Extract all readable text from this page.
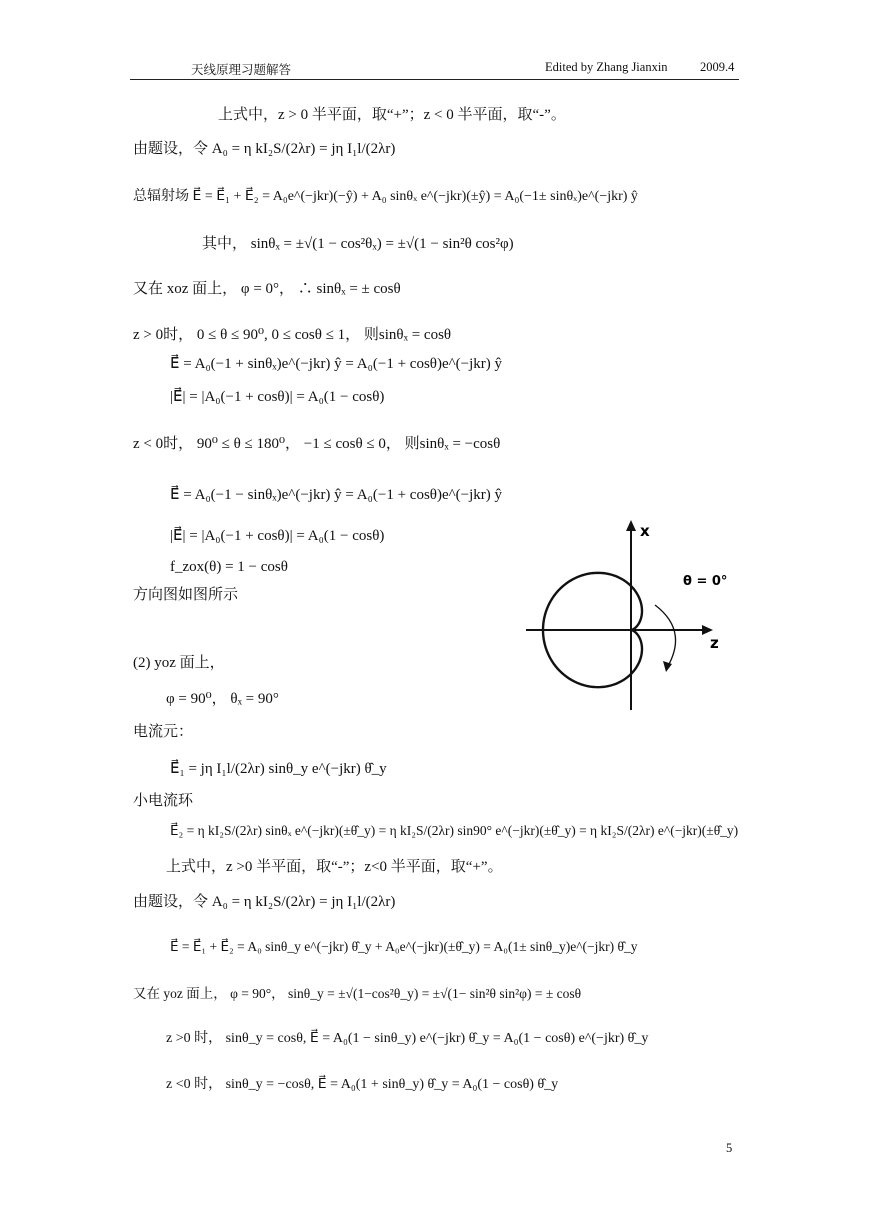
天线原理习题解答	Edited by Zhang Jianxin	2009.4
上式中，z > 0 半平面，取“+”；z < 0 半平面，取“-”。
由题设，令 A₀ = η kI₂S/(2λr) = jη I₁l/(2λr)
总辐射场 E⃗ = E⃗₁ + E⃗₂ = A₀e^(−jkr)(−ŷ) + A₀ sinθₓ e^(−jkr)(±ŷ) = A₀(−1± sinθₓ)e^(−jkr) ŷ
其中， sinθₓ = ±√(1 − cos²θₓ) = ±√(1 − sin²θ cos²φ)
又在 xoz 面上， φ = 0°， ∴ sinθₓ = ± cosθ
z > 0时， 0 ≤ θ ≤ 90⁰, 0 ≤ cosθ ≤ 1， 则sinθₓ = cosθ
E⃗ = A₀(−1 + sinθₓ)e^(−jkr) ŷ = A₀(−1 + cosθ)e^(−jkr) ŷ
|E⃗| = |A₀(−1 + cosθ)| = A₀(1 − cosθ)
z < 0时， 90⁰ ≤ θ ≤ 180⁰， −1 ≤ cosθ ≤ 0， 则sinθₓ = −cosθ
E⃗ = A₀(−1 − sinθₓ)e^(−jkr) ŷ = A₀(−1 + cosθ)e^(−jkr) ŷ
|E⃗| = |A₀(−1 + cosθ)| = A₀(1 − cosθ)
f_zox(θ) = 1 − cosθ
方向图如图所示
(2) yoz 面上，
φ = 90⁰， θₓ = 90°
电流元：
E⃗₁ = jη I₁l/(2λr) sinθ_y e^(−jkr) θ̂_y
小电流环
E⃗₂ = η kI₂S/(2λr) sinθₓ e^(−jkr)(±θ̂_y) = η kI₂S/(2λr) sin90° e^(−jkr)(±θ̂_y) = η kI₂S/(2λr) e^(−jkr)(±θ̂_y)
上式中，z >0 半平面，取“-”；z<0 半平面，取“+”。
由题设，令 A₀ = η kI₂S/(2λr) = jη I₁l/(2λr)
E⃗ = E⃗₁ + E⃗₂ = A₀ sinθ_y e^(−jkr) θ̂_y + A₀e^(−jkr)(±θ̂_y) = A₀(1± sinθ_y)e^(−jkr) θ̂_y
又在 yoz 面上， φ = 90°， sinθ_y = ±√(1−cos²θ_y) = ±√(1− sin²θ sin²φ) = ± cosθ
z >0 时， sinθ_y = cosθ, E⃗ = A₀(1 − sinθ_y) e^(−jkr) θ̂_y = A₀(1 − cosθ) e^(−jkr) θ̂_y
z <0 时， sinθ_y = −cosθ, E⃗ = A₀(1 + sinθ_y) θ̂_y = A₀(1 − cosθ) θ̂_y
x
z
θ = 0°
5
